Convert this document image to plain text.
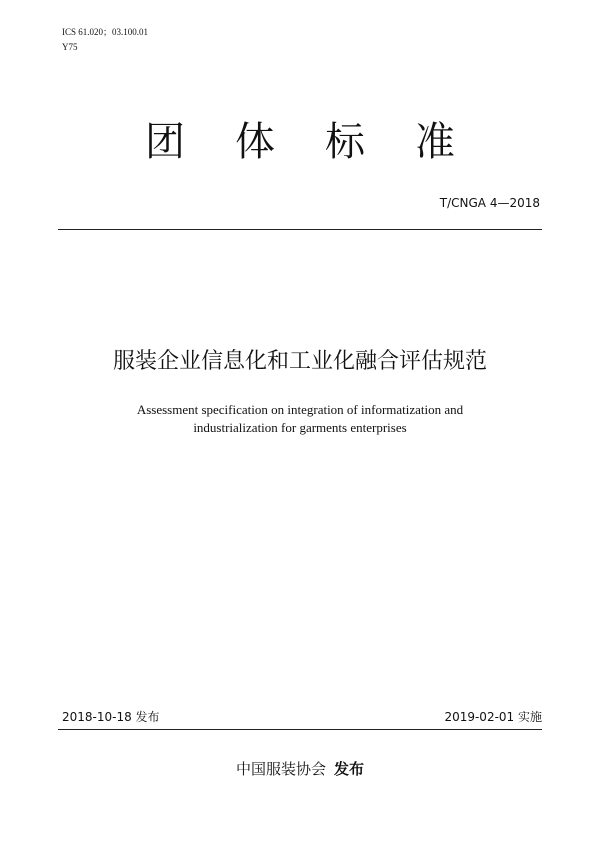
ICS 61.020；03.100.01
Y75
团体标准
T/CNGA 4—2018
服装企业信息化和工业化融合评估规范
Assessment specification on integration of informatization and
industrialization for garments enterprises
2018-10-18 发布	2019-02-01 实施
中国服装协会 发布
